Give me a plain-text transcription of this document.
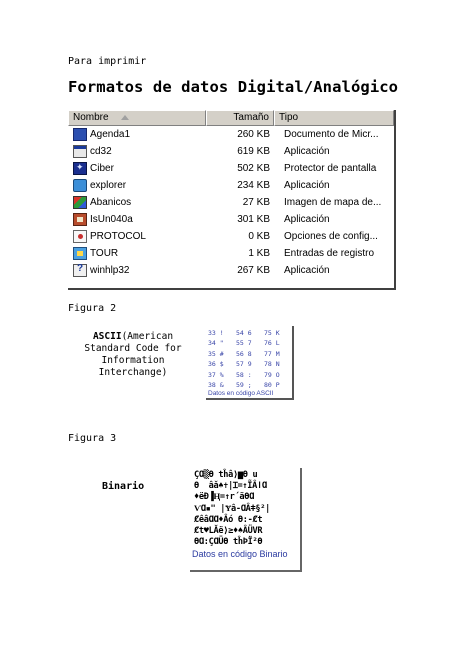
Para imprimir
Formatos de datos Digital/Analógico
Nombre	Tamaño	Tipo
Agenda1	260 KB	Documento de Micr...
cd32	619 KB	Aplicación
✦
Ciber	502 KB	Protector de pantalla
explorer	234 KB	Aplicación
Abanicos	27 KB	Imagen de mapa de...
IsUn040a	301 KB	Aplicación
PROTOCOL	0 KB	Opciones de config...
TOUR	1 KB	Entradas de registro
?
winhlp32	267 KB	Aplicación
Figura 2
ASCII(American Standard Code for Information Interchange)
33 !	54 6	75 K
34 "	55 7	76 L
35 #	56 8	77 M
36 $	57 9	78 N
37 %	58 :	79 O
38 &	59 ;	80 P
Datos en código ASCII
Figura 3
Binario
ÇⱭ▒Ɵ tĥâ⟩▆Ɵ u
Ɵ  âǎ♠✝|Ɪ=↑ĨÂǀⱭ
♦ëĐ▐Ⱨ=↑r´ãƟⱭ
ѴⱭ▪" |Ɏâ-ⱭÂǂ§²|
ȻêâⱭⱭ♦Âó Ɵ:-Ȼt
Ȼt♥LĂë⟩≥♦♠ÂÜVR
ƟⱭ:ÇⱭÜƟ tĥÞÏ²Ɵ
Datos en código Binario
